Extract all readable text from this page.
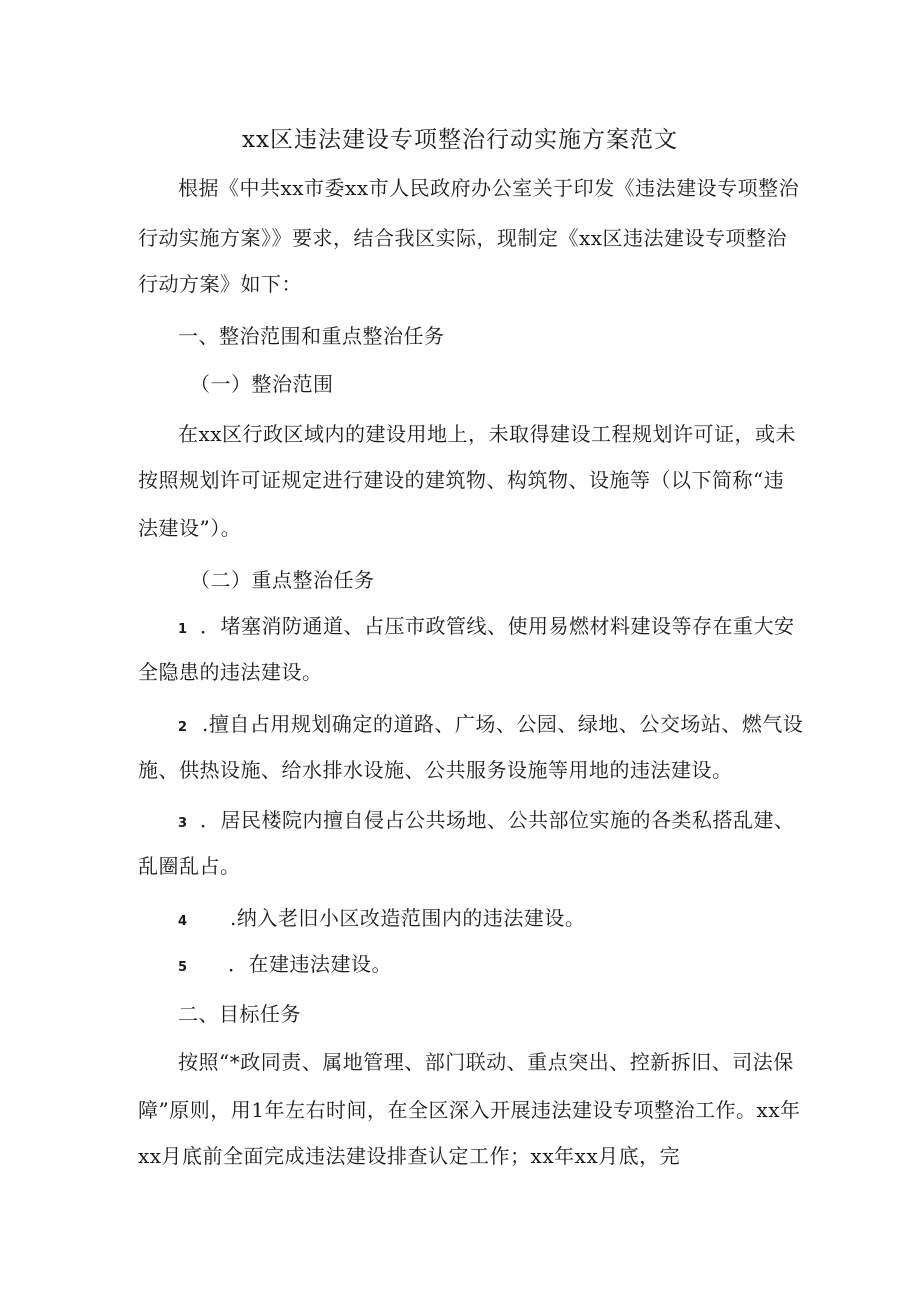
xx区违法建设专项整治行动实施方案范文
根据《中共xx市委xx市人民政府办公室关于印发《违法建设专项整治
行动实施方案》》要求，结合我区实际，现制定《xx区违法建设专项整治
行动方案》如下：
一、整治范围和重点整治任务
（一）整治范围
在xx区行政区域内的建设用地上，未取得建设工程规划许可证，或未
按照规划许可证规定进行建设的建筑物、构筑物、设施等（以下简称“违
法建设”）。
（二）重点整治任务
1 ．堵塞消防通道、占压市政管线、使用易燃材料建设等存在重大安
全隐患的违法建设。
2 .擅自占用规划确定的道路、广场、公园、绿地、公交场站、燃气设
施、供热设施、给水排水设施、公共服务设施等用地的违法建设。
3 ．居民楼院内擅自侵占公共场地、公共部位实施的各类私搭乱建、
乱圈乱占。
4 .纳入老旧小区改造范围内的违法建设。
5 ．在建违法建设。
二、目标任务
按照“*政同责、属地管理、部门联动、重点突出、控新拆旧、司法保
障”原则，用1年左右时间，在全区深入开展违法建设专项整治工作。xx年
xx月底前全面完成违法建设排查认定工作；xx年xx月底，完
